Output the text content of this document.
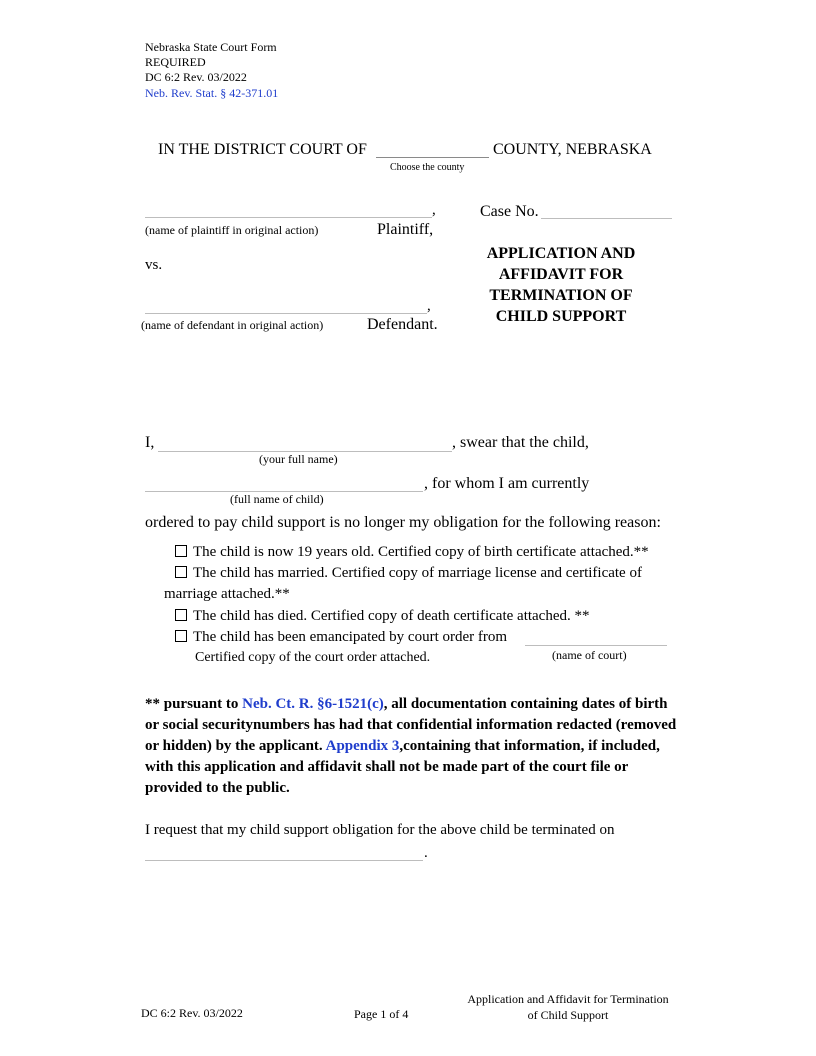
Nebraska State Court Form
REQUIRED
DC 6:2 Rev. 03/2022
Neb. Rev. Stat. § 42-371.01
IN THE DISTRICT COURT OF	COUNTY, NEBRASKA
Choose the county
,
(name of plaintiff in original action)	Plaintiff,
vs.
,
(name of defendant in original action)	Defendant.
Case No.
APPLICATION AND AFFIDAVIT FOR TERMINATION OF CHILD SUPPORT
I,	, swear that the child,
(your full name)
, for whom I am currently
(full name of child)
ordered to pay child support is no longer my obligation for the following reason:
The child is now 19 years old. Certified copy of birth certificate attached.**
The child has married. Certified copy of marriage license and certificate of
marriage attached.**
The child has died. Certified copy of death certificate attached. **
The child has been emancipated by court order from
Certified copy of the court order attached.	(name of court)
** pursuant to Neb. Ct. R. §6-1521(c), all documentation containing dates of birth or social securitynumbers has had that confidential information redacted (removed or hidden) by the applicant. Appendix 3,containing that information, if included, with this application and affidavit shall not be made part of the court file or provided to the public.
I request that my child support obligation for the above child be terminated on
.
DC 6:2 Rev. 03/2022	Page 1 of 4
Application and Affidavit for Termination
of Child Support
